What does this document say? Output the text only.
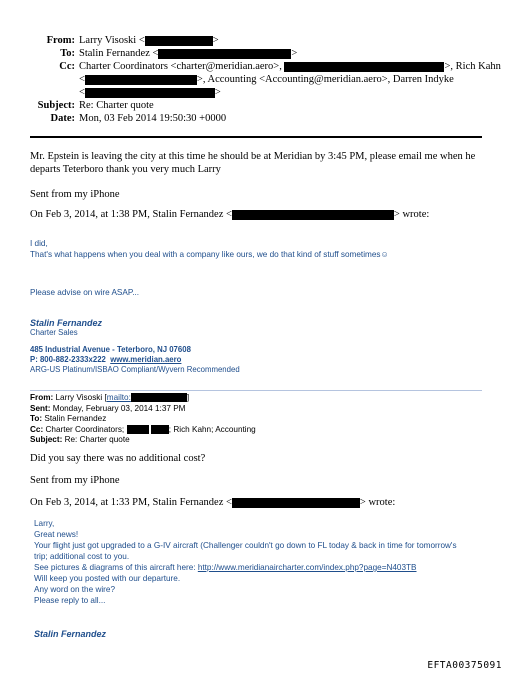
From: Larry Visoski <	>
To: Stalin Fernandez <	>
Cc: Charter Coordinators <charter@meridian.aero>,	>, Rich Kahn
<	>, Accounting <Accounting@meridian.aero>, Darren Indyke
<	>
Subject: Re: Charter quote
Date: Mon, 03 Feb 2014 19:50:30 +0000
Mr. Epstein is leaving the city at this time he should be at Meridian by 3:45 PM, please email me when he
departs Teterboro thank you very much Larry
Sent from my iPhone
On Feb 3, 2014, at 1:38 PM, Stalin Fernandez <	> wrote:
I did,
That's what happens when you deal with a company like ours, we do that kind of stuff sometimes☺
Please advise on wire ASAP...
Stalin Fernandez
Charter Sales
485 Industrial Avenue - Teterboro, NJ 07608
P: 800-882-2333x222 www.meridian.aero
ARG-US Platinum/ISBAO Compliant/Wyvern Recommended
From: Larry Visoski [mailto:	]
Sent: Monday, February 03, 2014 1:37 PM
To: Stalin Fernandez
Cc: Charter Coordinators;	; Rich Kahn; Accounting
Subject: Re: Charter quote
Did you say there was no additional cost?
Sent from my iPhone
On Feb 3, 2014, at 1:33 PM, Stalin Fernandez <	> wrote:
Larry,
Great news!
Your flight just got upgraded to a G-IV aircraft (Challenger couldn't go down to FL today & back in time for tomorrow's
trip; additional cost to you.
See pictures & diagrams of this aircraft here: http://www.meridianaircharter.com/index.php?page=N403TB
Will keep you posted with our departure.
Any word on the wire?
Please reply to all...
Stalin Fernandez
EFTA00375091
